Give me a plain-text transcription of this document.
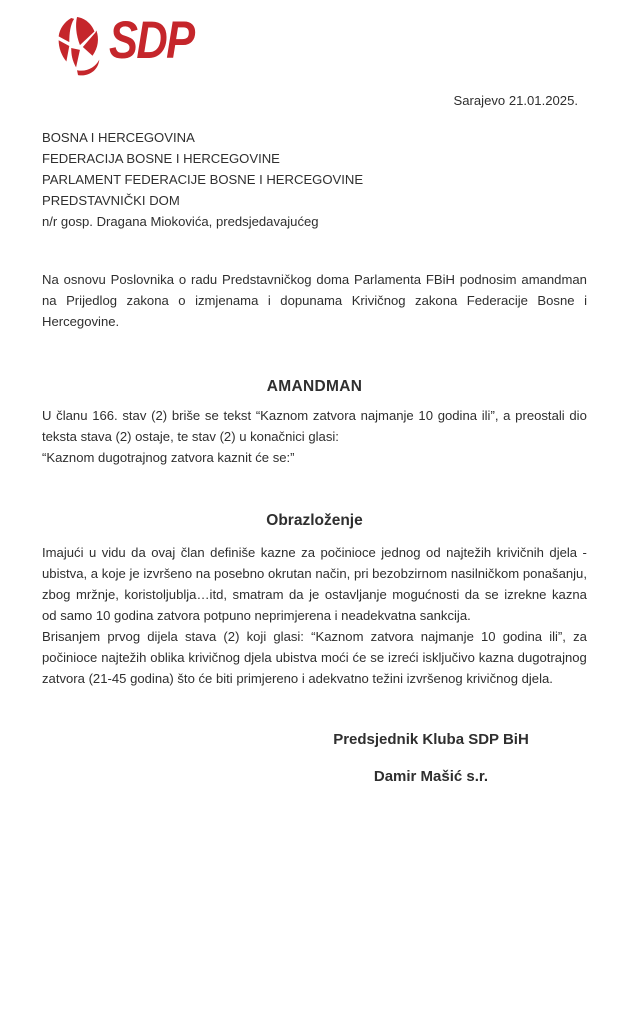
SDP
Sarajevo 21.01.2025.
BOSNA I HERCEGOVINA
FEDERACIJA BOSNE I HERCEGOVINE
PARLAMENT FEDERACIJE BOSNE I HERCEGOVINE
PREDSTAVNIČKI DOM
n/r gosp. Dragana Miokovića, predsjedavajućeg
Na osnovu Poslovnika o radu Predstavničkog doma Parlamenta FBiH podnosim amandman
na Prijedlog zakona o izmjenama i dopunama Krivičnog zakona Federacije Bosne i
Hercegovine.
AMANDMAN
U članu 166. stav (2) briše se tekst “Kaznom zatvora najmanje 10 godina ili”, a preostali dio
teksta stava (2) ostaje, te stav (2) u konačnici glasi:
“Kaznom dugotrajnog zatvora kaznit će se:”
Obrazloženje
Imajući u vidu da ovaj član definiše kazne za počinioce jednog od najtežih krivičnih djela -
ubistva, a koje je izvršeno na posebno okrutan način, pri bezobzirnom nasilničkom ponašanju,
zbog mržnje, koristoljublja…itd, smatram da je ostavljanje mogućnosti da se izrekne kazna
od samo 10 godina zatvora potpuno neprimjerena i neadekvatna sankcija.
Brisanjem prvog dijela stava (2) koji glasi: “Kaznom zatvora najmanje 10 godina ili”, za
počinioce najtežih oblika krivičnog djela ubistva moći će se izreći isključivo kazna dugotrajnog
zatvora (21-45 godina) što će biti primjereno i adekvatno težini izvršenog krivičnog djela.
Predsjednik Kluba SDP BiH
Damir Mašić s.r.
